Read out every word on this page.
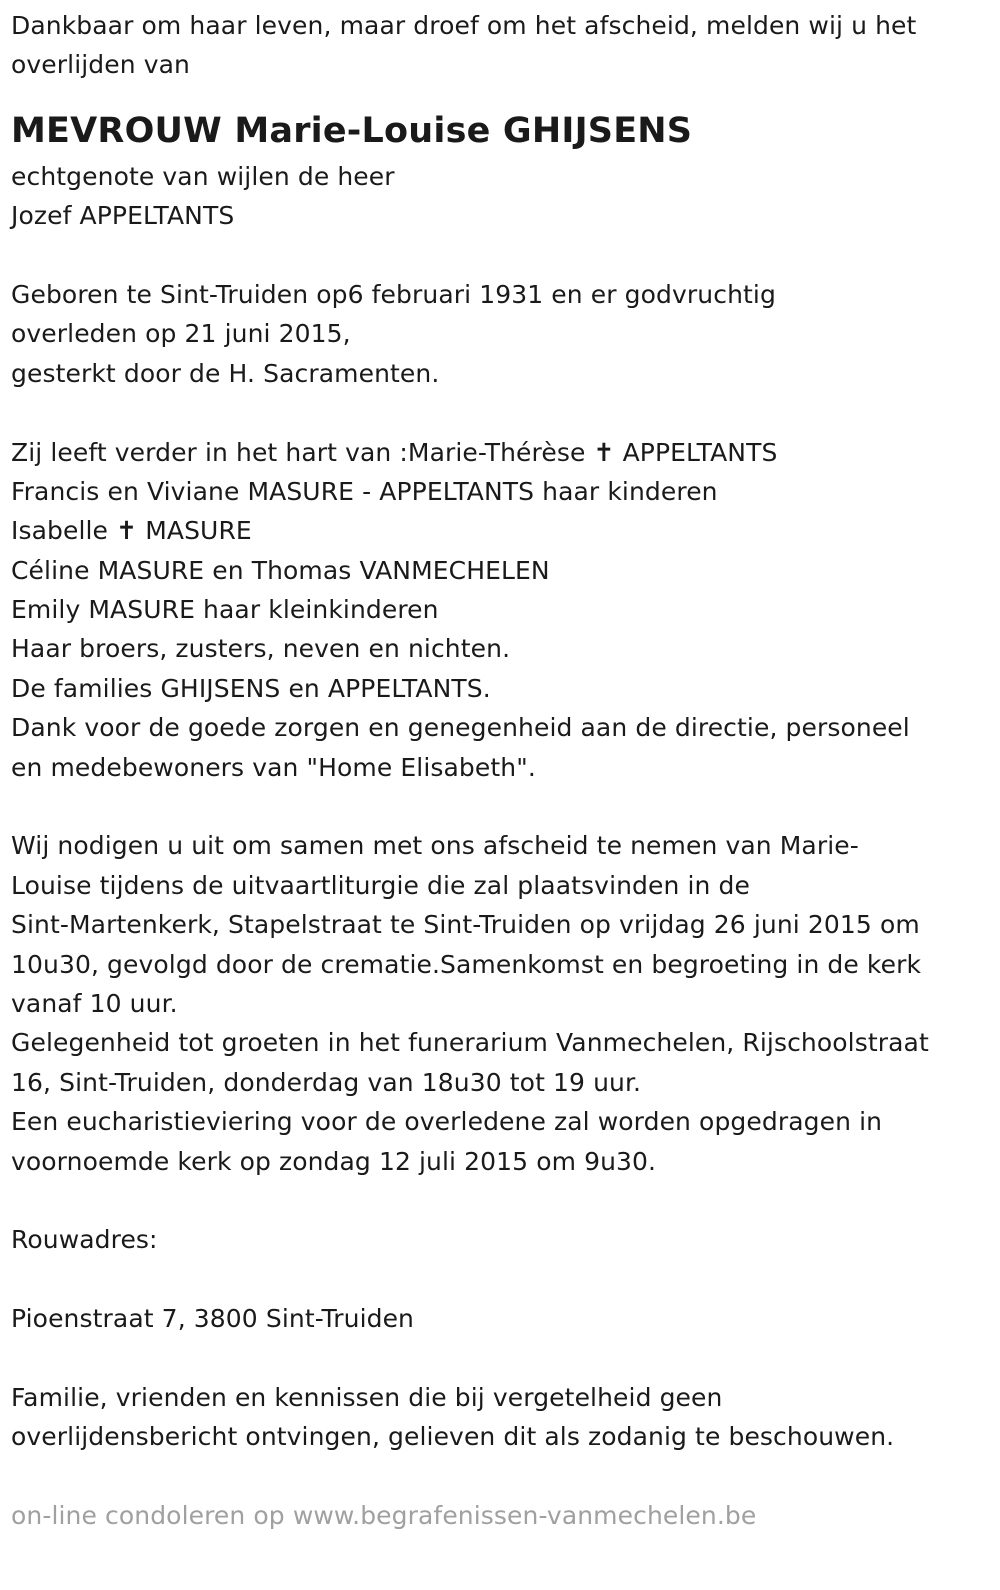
Dankbaar om haar leven, maar droef om het afscheid, melden wij u het
overlijden van
MEVROUW Marie-Louise GHIJSENS
echtgenote van wijlen de heer
Jozef APPELTANTS
Geboren te Sint-Truiden op6 februari 1931 en er godvruchtig
overleden op 21 juni 2015,
gesterkt door de H. Sacramenten.
Zij leeft verder in het hart van :Marie-Thérèse ✝ APPELTANTS
Francis en Viviane MASURE - APPELTANTS haar kinderen
Isabelle ✝ MASURE
Céline MASURE en Thomas VANMECHELEN
Emily MASURE haar kleinkinderen
Haar broers, zusters, neven en nichten.
De families GHIJSENS en APPELTANTS.
Dank voor de goede zorgen en genegenheid aan de directie, personeel
en medebewoners van "Home Elisabeth".
Wij nodigen u uit om samen met ons afscheid te nemen van Marie-
Louise tijdens de uitvaartliturgie die zal plaatsvinden in de
Sint-Martenkerk, Stapelstraat te Sint-Truiden op vrijdag 26 juni 2015 om
10u30, gevolgd door de crematie.Samenkomst en begroeting in de kerk
vanaf 10 uur.
Gelegenheid tot groeten in het funerarium Vanmechelen, Rijschoolstraat
16, Sint-Truiden, donderdag van 18u30 tot 19 uur.
Een eucharistieviering voor de overledene zal worden opgedragen in
voornoemde kerk op zondag 12 juli 2015 om 9u30.
Rouwadres:
Pioenstraat 7, 3800 Sint-Truiden
Familie, vrienden en kennissen die bij vergetelheid geen
overlijdensbericht ontvingen, gelieven dit als zodanig te beschouwen.
on-line condoleren op www.begrafenissen-vanmechelen.be
